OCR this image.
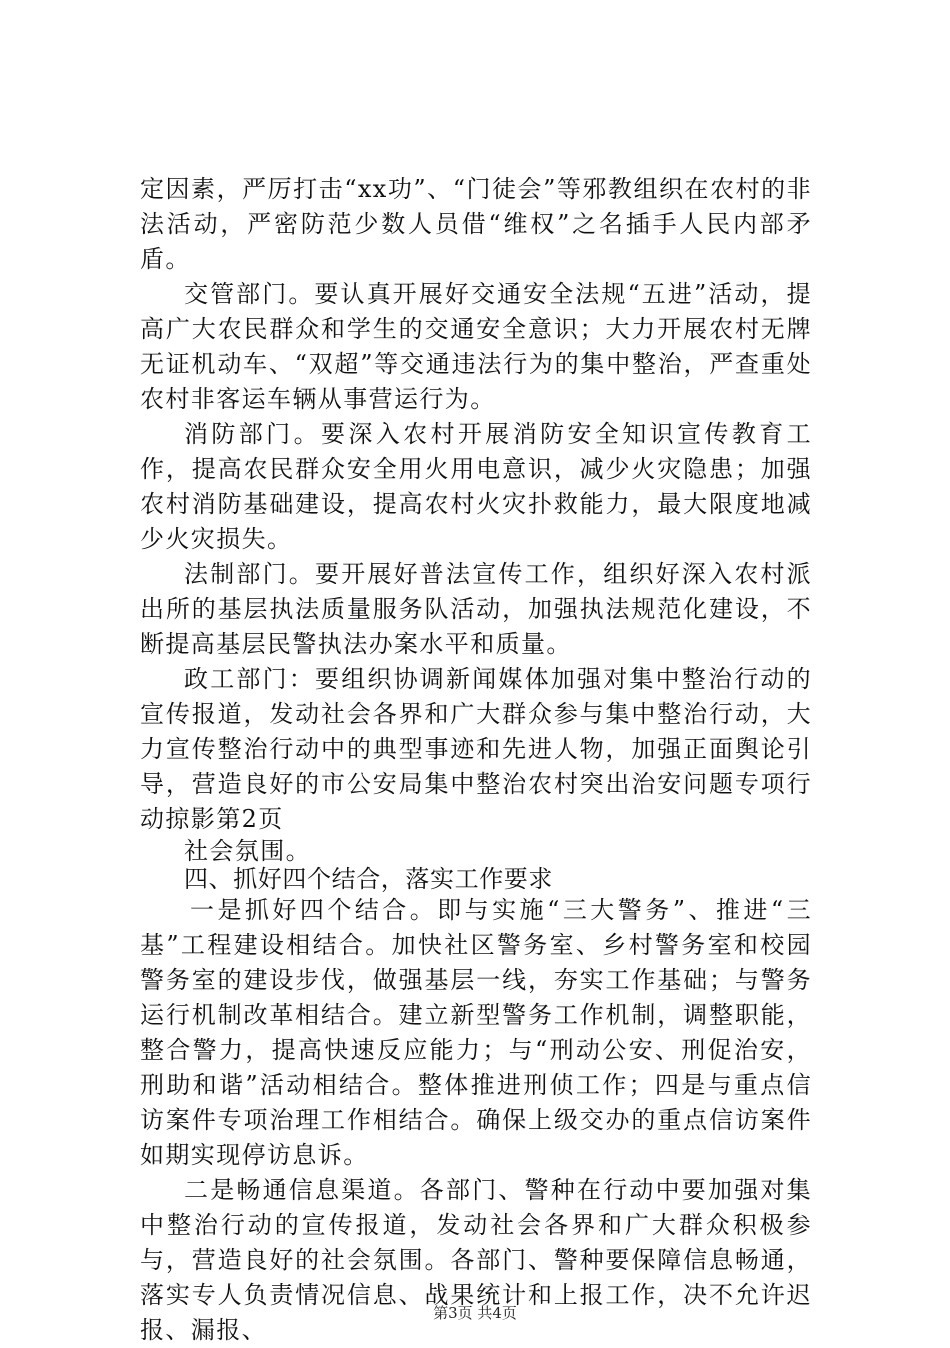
定因素，严厉打击“xx功”、“门徒会”等邪教组织在农村的非法活动，严密防范少数人员借“维权”之名插手人民内部矛盾。

交管部门。要认真开展好交通安全法规“五进”活动，提高广大农民群众和学生的交通安全意识；大力开展农村无牌无证机动车、“双超”等交通违法行为的集中整治，严查重处农村非客运车辆从事营运行为。

消防部门。要深入农村开展消防安全知识宣传教育工作，提高农民群众安全用火用电意识，减少火灾隐患；加强农村消防基础建设，提高农村火灾扑救能力，最大限度地减少火灾损失。

法制部门。要开展好普法宣传工作，组织好深入农村派出所的基层执法质量服务队活动，加强执法规范化建设，不断提高基层民警执法办案水平和质量。

政工部门：要组织协调新闻媒体加强对集中整治行动的宣传报道，发动社会各界和广大群众参与集中整治行动，大力宣传整治行动中的典型事迹和先进人物，加强正面舆论引导，营造良好的市公安局集中整治农村突出治安问题专项行动掠影第2页

社会氛围。

四、抓好四个结合，落实工作要求

一是抓好四个结合。即与实施“三大警务”、推进“三基”工程建设相结合。加快社区警务室、乡村警务室和校园警务室的建设步伐，做强基层一线，夯实工作基础；与警务运行机制改革相结合。建立新型警务工作机制，调整职能，整合警力，提高快速反应能力；与“刑动公安、刑促治安，刑助和谐”活动相结合。整体推进刑侦工作；四是与重点信访案件专项治理工作相结合。确保上级交办的重点信访案件如期实现停访息诉。

二是畅通信息渠道。各部门、警种在行动中要加强对集中整治行动的宣传报道，发动社会各界和广大群众积极参与，营造良好的社会氛围。各部门、警种要保障信息畅通，落实专人负责情况信息、战果统计和上报工作，决不允许迟报、漏报、

第3页 共4页
